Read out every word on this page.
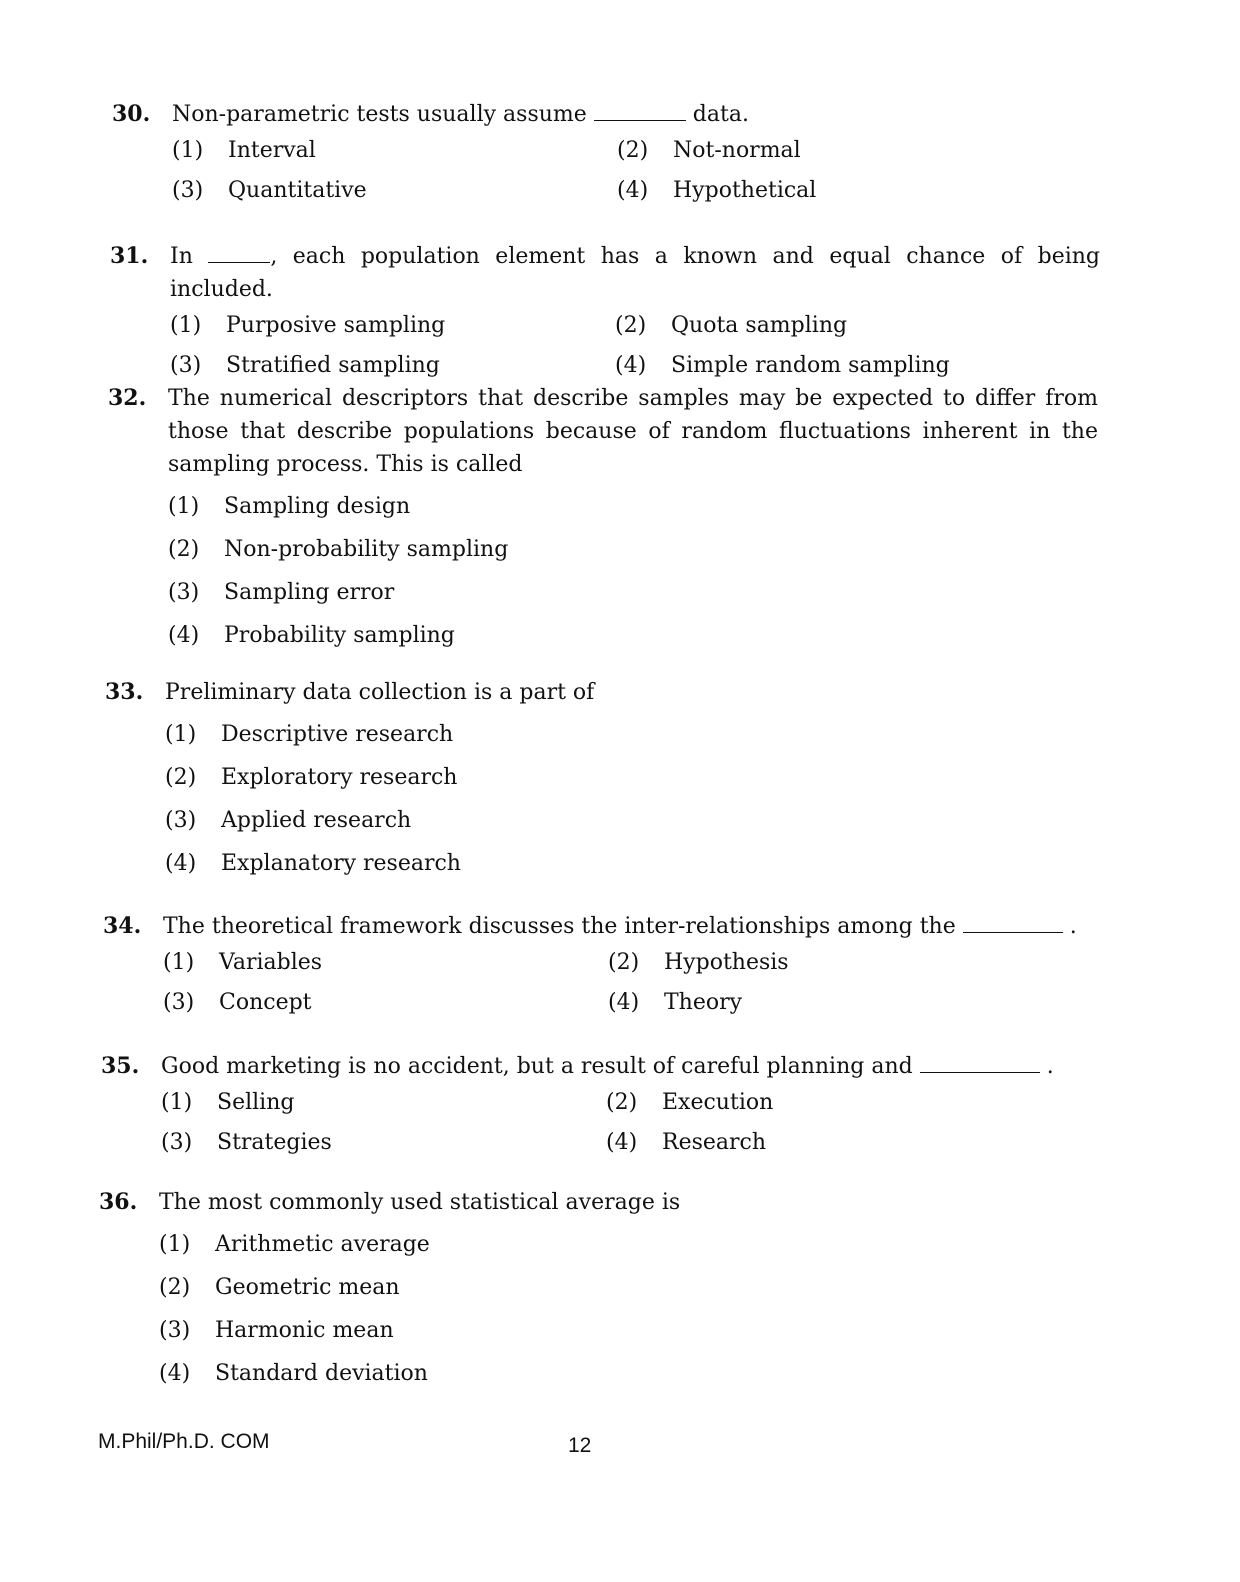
30. Non-parametric tests usually assume	data.
(1)	Interval	(2)	Not-normal
(3)	Quantitative	(4)	Hypothetical
31. In	, each population element has a known and equal chance of being included.
(1)	Purposive sampling	(2)	Quota sampling
(3)	Stratified sampling	(4)	Simple random sampling
32. The numerical descriptors that describe samples may be expected to differ from those that describe populations because of random fluctuations inherent in the sampling process. This is called
(1)	Sampling design
(2)	Non-probability sampling
(3)	Sampling error
(4)	Probability sampling
33. Preliminary data collection is a part of
(1)	Descriptive research
(2)	Exploratory research
(3)	Applied research
(4)	Explanatory research
34. The theoretical framework discusses the inter-relationships among the	.
(1)	Variables	(2)	Hypothesis
(3)	Concept	(4)	Theory
35. Good marketing is no accident, but a result of careful planning and	.
(1)	Selling	(2)	Execution
(3)	Strategies	(4)	Research
36. The most commonly used statistical average is
(1)	Arithmetic average
(2)	Geometric mean
(3)	Harmonic mean
(4)	Standard deviation
M.Phil/Ph.D. COM	12
